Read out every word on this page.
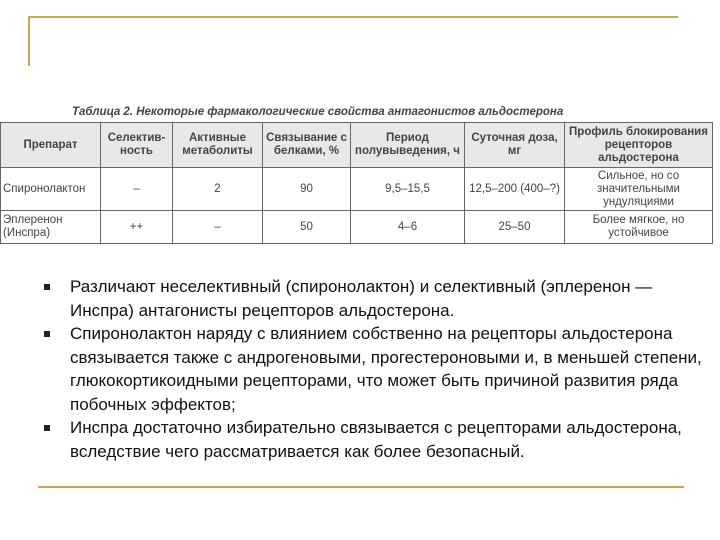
Таблица 2. Некоторые фармакологические свойства антагонистов альдостерона
Препарат	Селектив-ность	Активные метаболиты	Связывание с белками, %	Период полувыведения, ч	Суточная доза, мг	Профиль блокирования рецепторов альдостерона
Спиронолактон	–	2	90	9,5–15,5	12,5–200 (400–?)	Сильное, но со значительными ундуляциями
Эплеренон (Инспра)	++	–	50	4–6	25–50	Более мягкое, но устойчивое
Различают неселективный (спиронолактон) и селективный (эплеренон — Инспра) антагонисты рецепторов альдостерона.
Спиронолактон наряду с влиянием собственно на рецепторы альдостерона связывается также с андрогеновыми, прогестероновыми и, в меньшей степени, глюкокортикоидными рецепторами, что может быть причиной развития ряда побочных эффектов;
Инспра достаточно избирательно связывается с рецепторами альдостерона, вследствие чего рассматривается как более безопасный.
